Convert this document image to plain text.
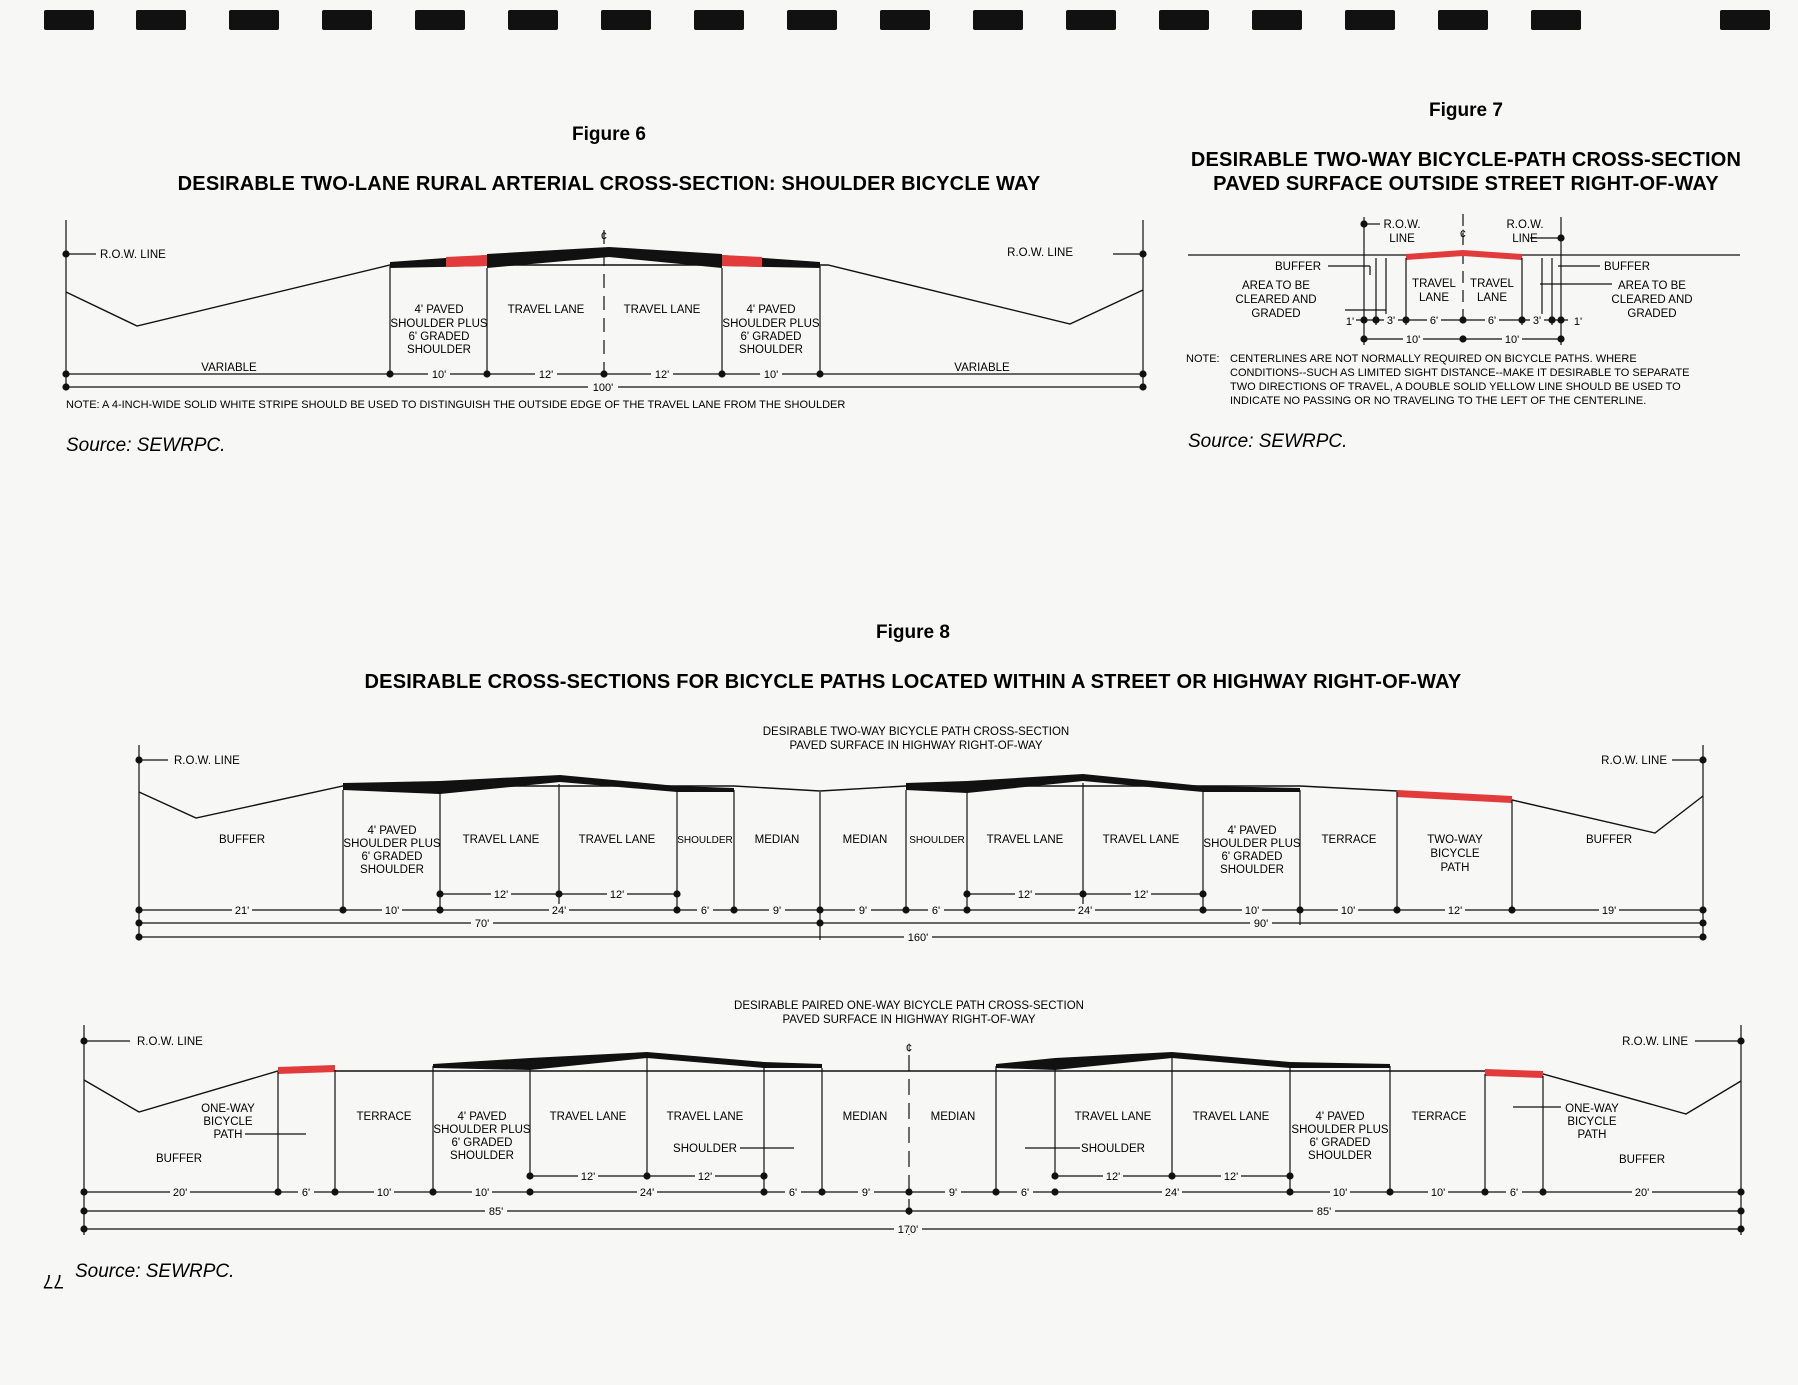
Figure 6
DESIRABLE TWO-LANE RURAL ARTERIAL CROSS-SECTION: SHOULDER BICYCLE WAY
R.O.W. LINE	R.O.W. LINE
¢
4' PAVED
SHOULDER PLUS
6' GRADED
SHOULDER
4' PAVED
SHOULDER PLUS
6' GRADED
SHOULDER
TRAVEL LANE	TRAVEL LANE
VARIABLE	VARIABLE
10'	12'	12'	10'
100'
NOTE: A 4-INCH-WIDE SOLID WHITE STRIPE SHOULD BE USED TO DISTINGUISH THE OUTSIDE EDGE OF THE TRAVEL LANE FROM THE SHOULDER
Source: SEWRPC.
Figure 7
DESIRABLE TWO-WAY BICYCLE-PATH CROSS-SECTION
PAVED SURFACE OUTSIDE STREET RIGHT-OF-WAY
R.O.W.
LINE
R.O.W.
LINE
¢
BUFFER	BUFFER
AREA TO BE
CLEARED AND
GRADED
AREA TO BE
CLEARED AND
GRADED
TRAVEL
LANE
TRAVEL
LANE
1'	3'	6'	6'	3'	1'
10'	10'
NOTE: CENTERLINES ARE NOT NORMALLY REQUIRED ON BICYCLE PATHS. WHERE
CONDITIONS--SUCH AS LIMITED SIGHT DISTANCE--MAKE IT DESIRABLE TO SEPARATE
TWO DIRECTIONS OF TRAVEL, A DOUBLE SOLID YELLOW LINE SHOULD BE USED TO
INDICATE NO PASSING OR NO TRAVELING TO THE LEFT OF THE CENTERLINE.
Source: SEWRPC.
Figure 8
DESIRABLE CROSS-SECTIONS FOR BICYCLE PATHS LOCATED WITHIN A STREET OR HIGHWAY RIGHT-OF-WAY
DESIRABLE TWO-WAY BICYCLE PATH CROSS-SECTION
PAVED SURFACE IN HIGHWAY RIGHT-OF-WAY
R.O.W. LINE	R.O.W. LINE
BUFFER
4' PAVED
SHOULDER PLUS
6' GRADED
SHOULDER
TRAVEL LANE	TRAVEL LANE SHOULDER MEDIAN	MEDIAN SHOULDER TRAVEL LANE	TRAVEL LANE
4' PAVED
SHOULDER PLUS
6' GRADED
SHOULDER
TERRACE	TWO-WAY
BICYCLE
PATH
BUFFER
12'	12'	12'	12'
21'	10'	24'	6'	9'	9'	6'	24'	10'	10'	12'	19'
70'	90'
160'
DESIRABLE PAIRED ONE-WAY BICYCLE PATH CROSS-SECTION
PAVED SURFACE IN HIGHWAY RIGHT-OF-WAY
¢
R.O.W. LINE	R.O.W. LINE
ONE-WAY
BICYCLE
PATH
BUFFER
TERRACE	4' PAVED
SHOULDER PLUS
6' GRADED
SHOULDER
TRAVEL LANE	TRAVEL LANE
SHOULDER
MEDIAN	MEDIAN
SHOULDER
TRAVEL LANE	TRAVEL LANE	4' PAVED
SHOULDER PLUS
6' GRADED
SHOULDER
TERRACE
ONE-WAY
BICYCLE
PATH
BUFFER
12'	12'	12'	12'
20'	6'	10'	10'	24'	6'	9'	9'	6'	24'	10'	10'	6'	20'
85'	85'
170'
Source: SEWRPC.
77
